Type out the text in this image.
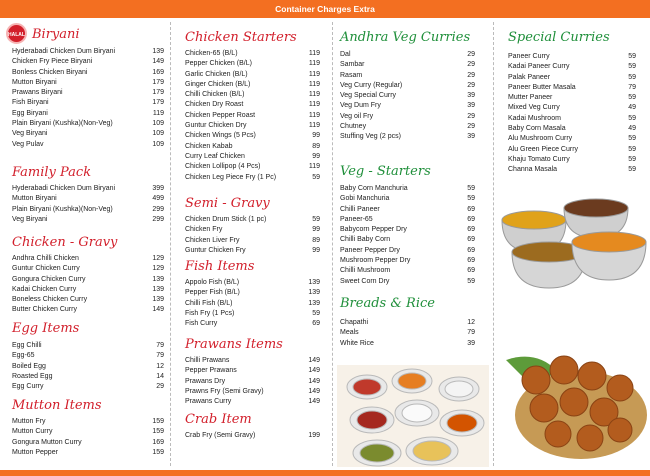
Container Charges Extra
HALAL Biryani
Hyderabadi Chicken Dum Biryani	139
Chicken Fry Piece Biryani	149
Bonless Chicken Biryani	169
Mutton Biryani	179
Prawans Biryani	179
Fish Biryani	179
Egg Biryani	119
Plain Biryani (Kushka)(Non-Veg)	109
Veg Biryani	109
Veg Pulav	109
Family Pack
Hyderabadi Chicken Dum Biryani	399
Mutton Biryani	499
Plain Biryani (Kushka)(Non-Veg)	299
Veg Biryani	299
Chicken - Gravy
Andhra Chilli Chicken	129
Guntur Chicken Curry	129
Gongura Chicken Curry	139
Kadai Chicken Curry	139
Boneless Chicken Curry	139
Butter Chicken Curry	149
Egg Items
Egg Chilli	79
Egg-65	79
Boiled Egg	12
Roasted Egg	14
Egg Curry	29
Mutton Items
Mutton Fry	159
Mutton Curry	159
Gongura Mutton Curry	169
Mutton Pepper	159
Chicken Starters
Chicken-65 (B/L)	119
Pepper Chicken (B/L)	119
Garlic Chicken (B/L)	119
Ginger Chicken (B/L)	119
Chilli Chicken (B/L)	119
Chicken Dry Roast	119
Chicken Pepper Roast	119
Guntur Chicken Dry	119
Chicken Wings (5 Pcs)	99
Chicken Kabab	89
Curry Leaf Chicken	99
Chicken Lollipop (4 Pcs)	119
Chicken Leg Piece Fry (1 Pc)	59
Semi - Gravy
Chicken Drum Stick (1 pc)	59
Chicken Fry	99
Chicken Liver Fry	89
Guntur Chicken Fry	99
Fish Items
Appolo Fish (B/L)	139
Pepper Fish (B/L)	139
Chilli Fish (B/L)	139
Fish Fry (1 Pcs)	59
Fish Curry	69
Prawans Items
Chilli Prawans	149
Pepper Prawans	149
Prawans Dry	149
Prawns Fry (Semi Gravy)	149
Prawans Curry	149
Crab Item
Crab Fry (Semi Gravy)	199
Andhra Veg Curries
Dal	29
Sambar	29
Rasam	29
Veg Curry (Regular)	29
Veg Special Curry	39
Veg Dum Fry	39
Veg oil Fry	29
Chutney	29
Stuffing Veg (2 pcs)	39
Veg - Starters
Baby Corn Manchuria	59
Gobi Manchuria	59
Chilli Paneer	69
Paneer-65	69
Babycorn Pepper Dry	69
Chilli Baby Corn	69
Paneer Pepper Dry	69
Mushroom Pepper Dry	69
Chilli Mushroom	69
Sweet Corn Dry	59
Breads & Rice
Chapathi	12
Meals	79
White Rice	39
Special Curries
Paneer Curry	59
Kadai Paneer Curry	59
Palak Paneer	59
Paneer Butter Masala	79
Mutter Paneer	59
Mixed Veg Curry	49
Kadai Mushroom	59
Baby Corn Masala	49
Alu Mushroom Curry	59
Alu Green Piece Curry	59
Khaju Tomato Curry	59
Channa Masala	59
